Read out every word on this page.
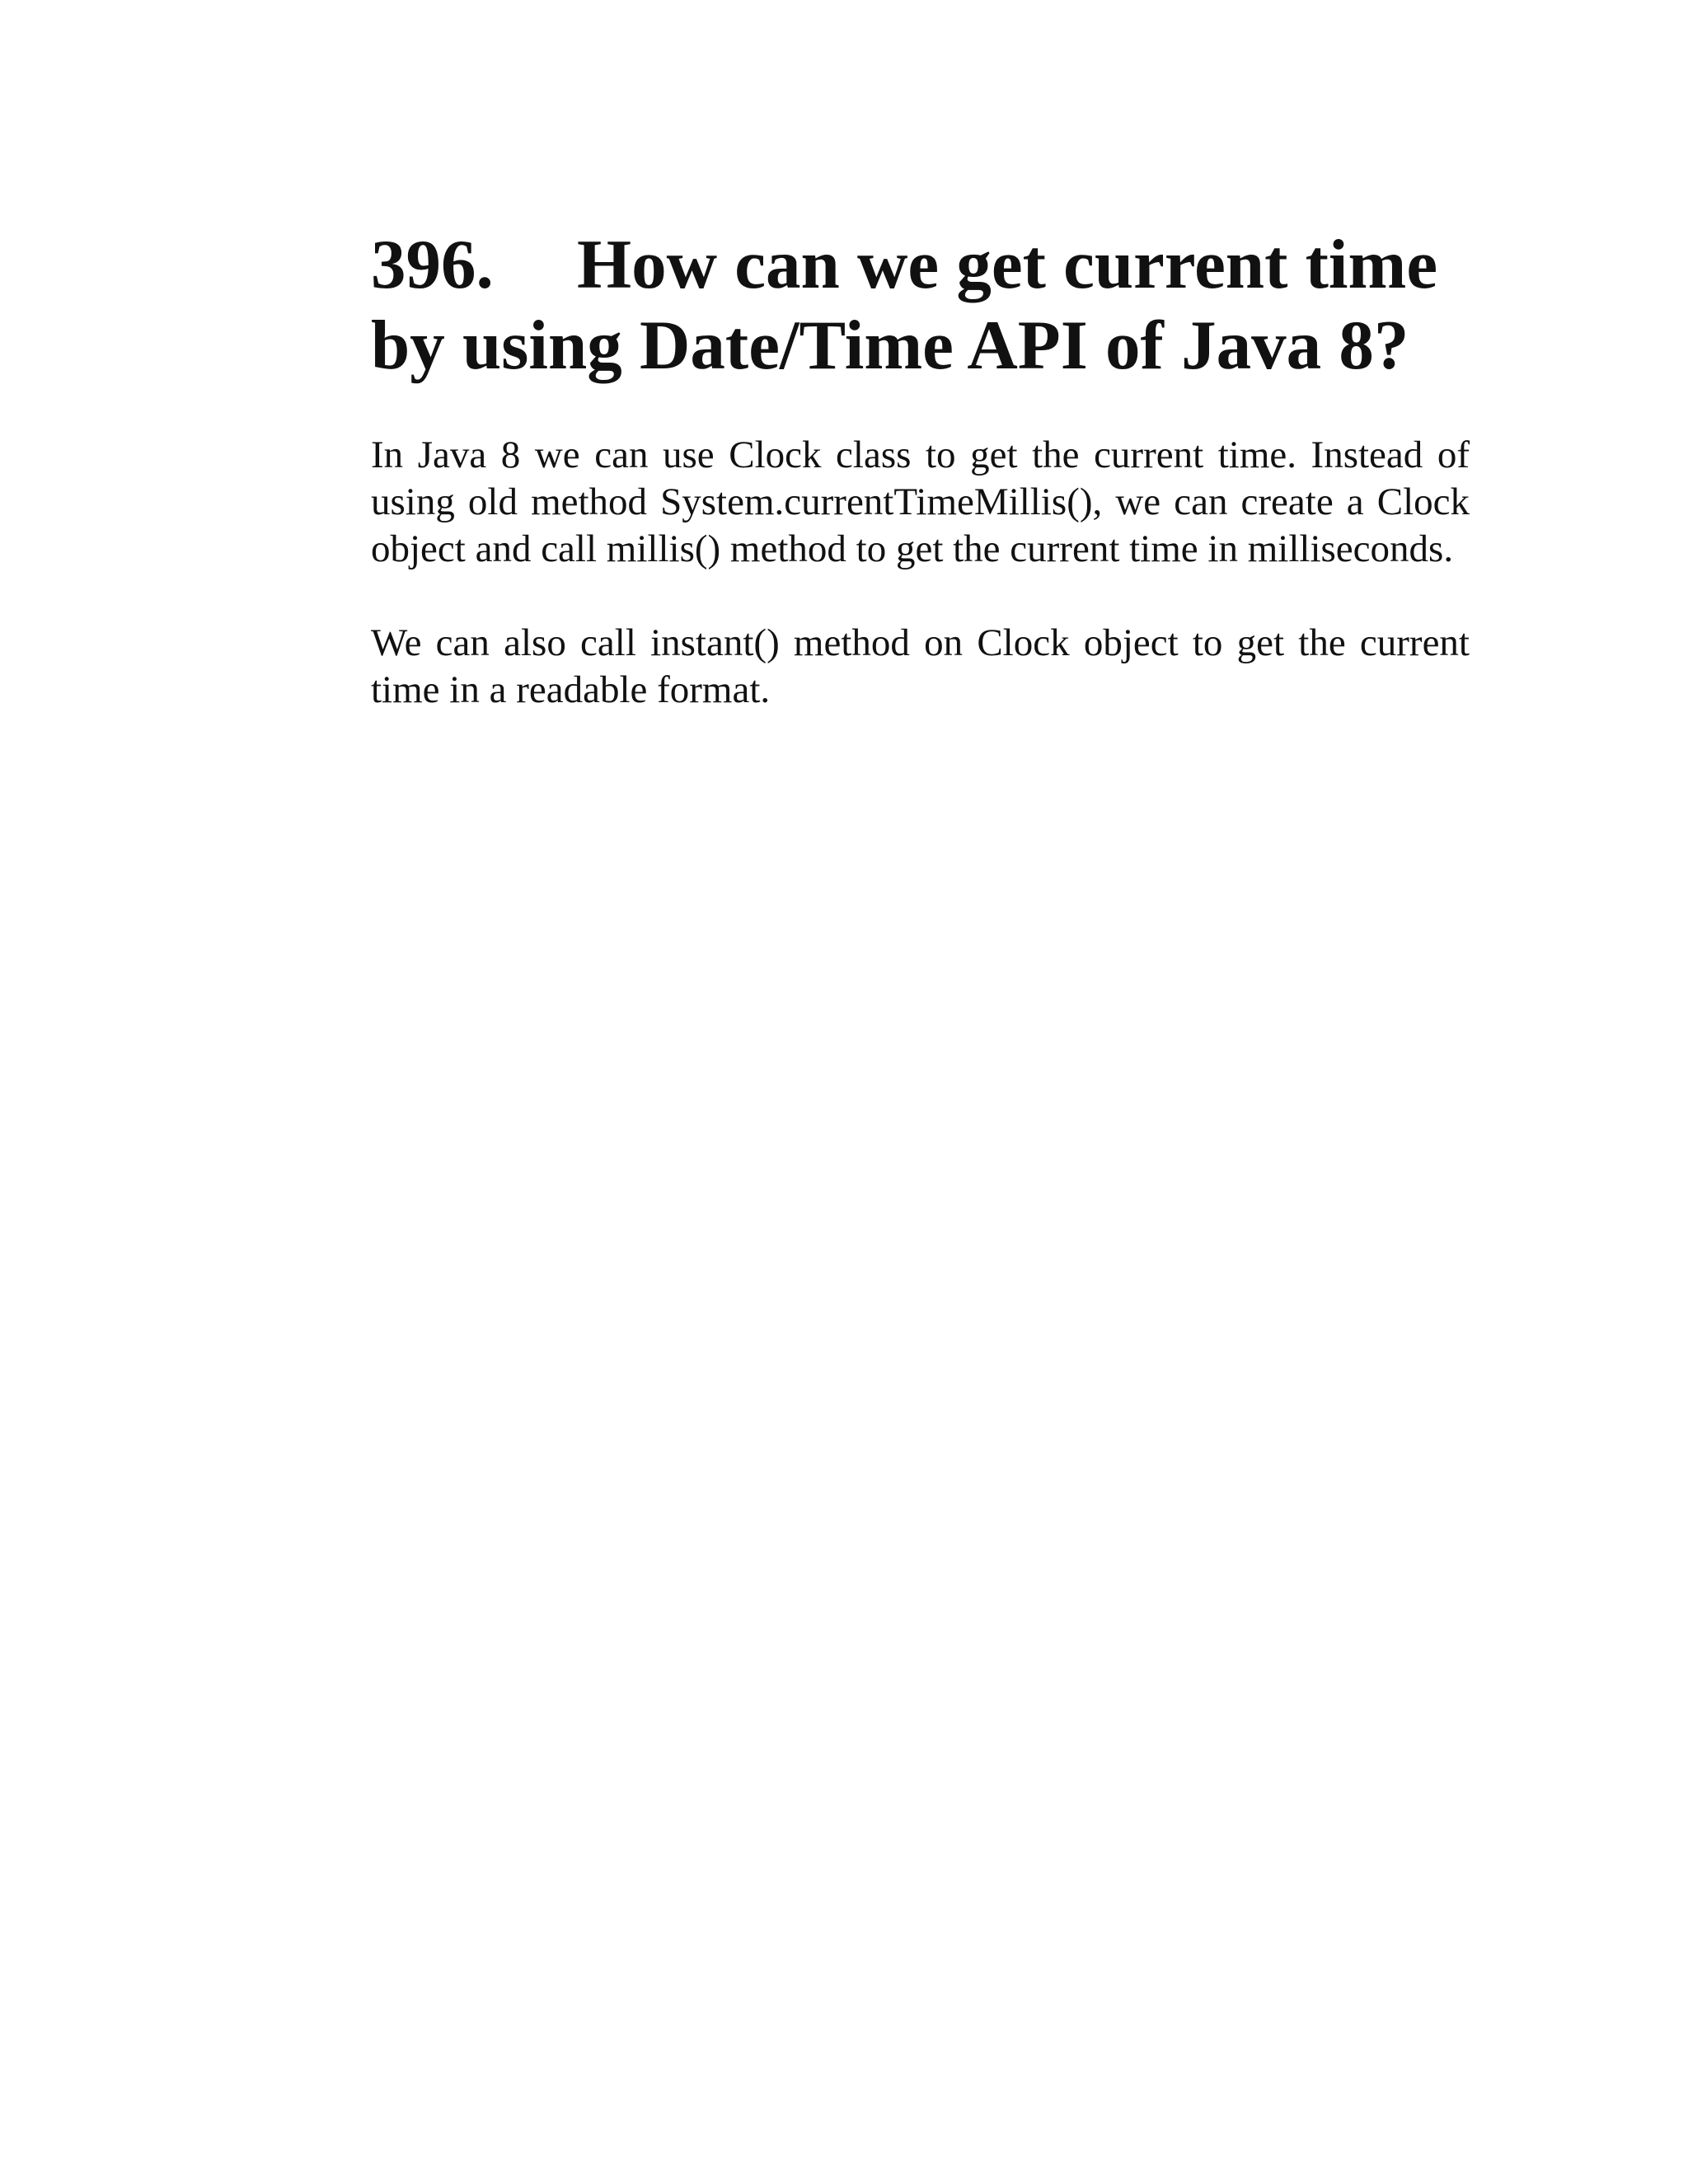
396. How can we get current time by using Date/Time API of Java 8?

In Java 8 we can use Clock class to get the current time. Instead of using old method System.currentTimeMillis(), we can create a Clock object and call millis() method to get the current time in milliseconds.

We can also call instant() method on Clock object to get the current time in a readable format.
